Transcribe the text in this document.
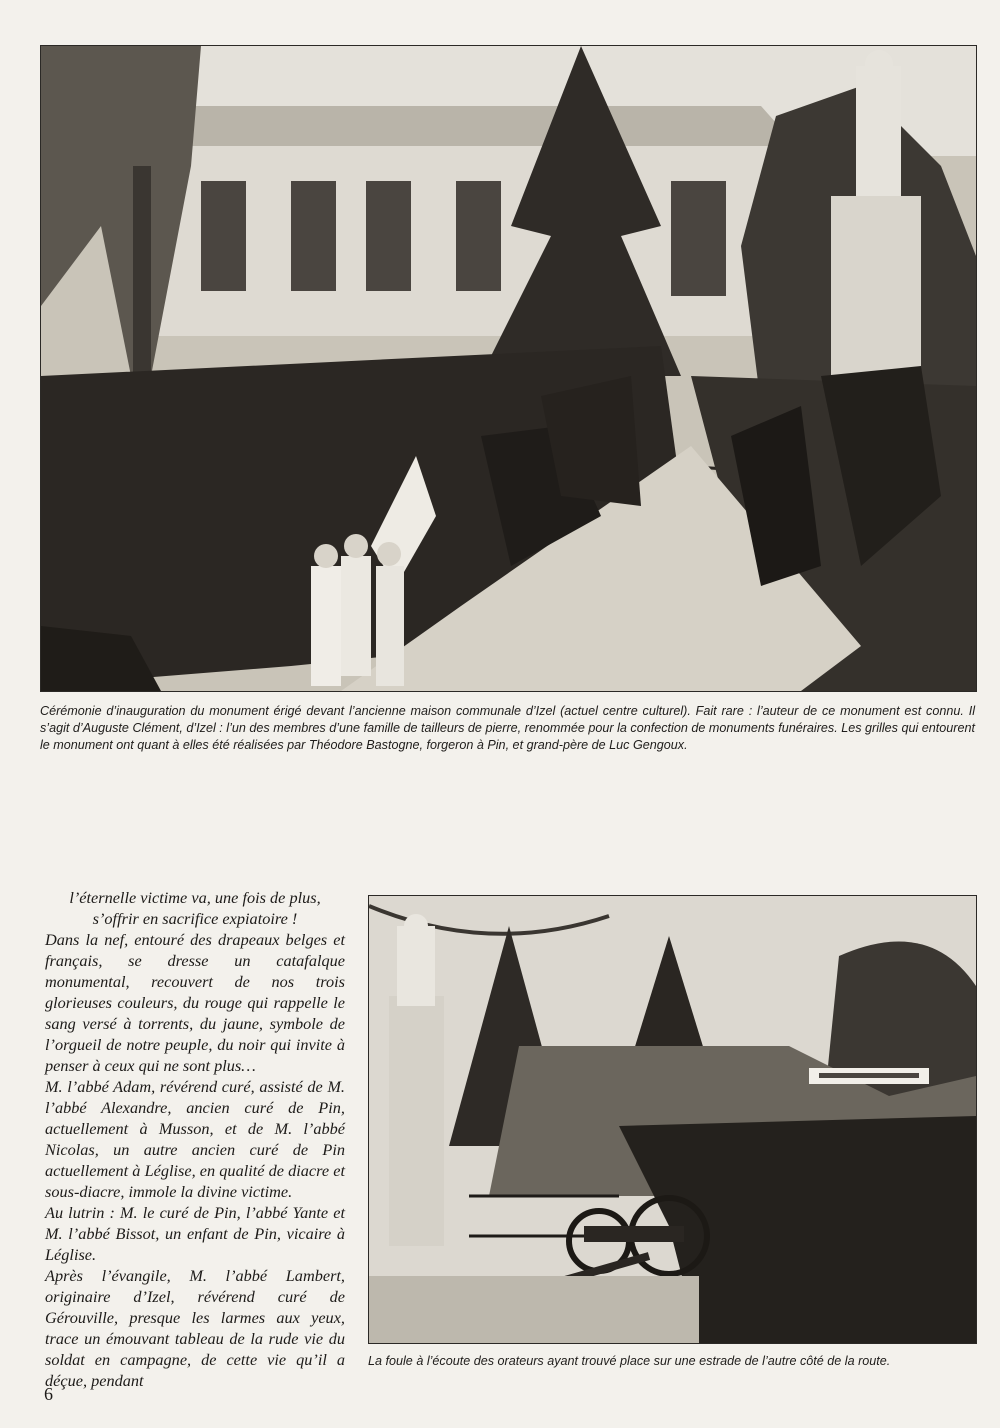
Cérémonie d’inauguration du monument érigé devant l’ancienne maison communale d’Izel (actuel centre culturel). Fait rare : l’auteur de ce monument est connu. Il s’agit d’Auguste Clément, d’Izel : l’un des membres d’une famille de tailleurs de pierre, renommée pour la confection de monuments funéraires. Les grilles qui entourent le monument ont quant à elles été réalisées par Théodore Bastogne, forgeron à Pin, et grand-père de Luc Gengoux.

l’éternelle victime va, une fois de plus, s’offrir en sacrifice expiatoire !

Dans la nef, entouré des drapeaux belges et français, se dresse un catafalque monumental, recouvert de nos trois glorieuses couleurs, du rouge qui rappelle le sang versé à torrents, du jaune, symbole de l’orgueil de notre peuple, du noir qui invite à penser à ceux qui ne sont plus…

M. l’abbé Adam, révérend curé, assisté de M. l’abbé Alexandre, ancien curé de Pin, actuellement à Musson, et de M. l’abbé Nicolas, un autre ancien curé de Pin actuellement à Léglise, en qualité de diacre et sous-diacre, immole la divine victime.

Au lutrin : M. le curé de Pin, l’abbé Yante et M. l’abbé Bissot, un enfant de Pin, vicaire à Léglise.

Après l’évangile, M. l’abbé Lambert, originaire d’Izel, révérend curé de Gérouville, presque les larmes aux yeux, trace un émouvant tableau de la rude vie du soldat en campagne, de cette vie qu’il a déçue, pendant

La foule à l’écoute des orateurs ayant trouvé place sur une estrade de l’autre côté de la route.
6
